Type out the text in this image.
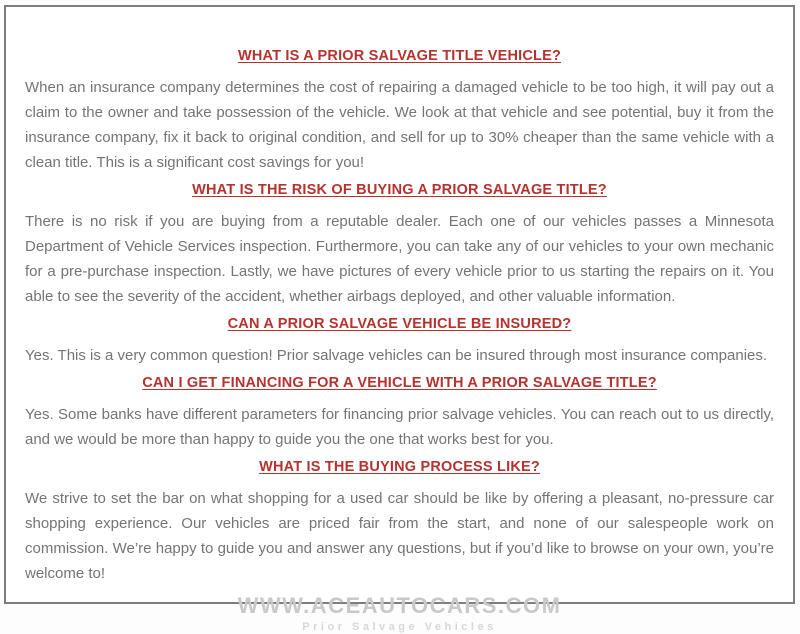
WHAT IS A PRIOR SALVAGE TITLE VEHICLE?

When an insurance company determines the cost of repairing a damaged vehicle to be too high, it will pay out a claim to the owner and take possession of the vehicle. We look at that vehicle and see potential, buy it from the insurance company, fix it back to original condition, and sell for up to 30% cheaper than the same vehicle with a clean title. This is a significant cost savings for you!

WHAT IS THE RISK OF BUYING A PRIOR SALVAGE TITLE?

There is no risk if you are buying from a reputable dealer. Each one of our vehicles passes a Minnesota Department of Vehicle Services inspection. Furthermore, you can take any of our vehicles to your own mechanic for a pre-purchase inspection. Lastly, we have pictures of every vehicle prior to us starting the repairs on it. You able to see the severity of the accident, whether airbags deployed, and other valuable information.

CAN A PRIOR SALVAGE VEHICLE BE INSURED?

Yes. This is a very common question! Prior salvage vehicles can be insured through most insurance companies.

CAN I GET FINANCING FOR A VEHICLE WITH A PRIOR SALVAGE TITLE?

Yes. Some banks have different parameters for financing prior salvage vehicles. You can reach out to us directly, and we would be more than happy to guide you the one that works best for you.

WHAT IS THE BUYING PROCESS LIKE?

We strive to set the bar on what shopping for a used car should be like by offering a pleasant, no-pressure car shopping experience. Our vehicles are priced fair from the start, and none of our salespeople work on commission. We’re happy to guide you and answer any questions, but if you’d like to browse on your own, you’re welcome to!

WWW.ACEAUTOCARS.COM
Prior Salvage Vehicles
